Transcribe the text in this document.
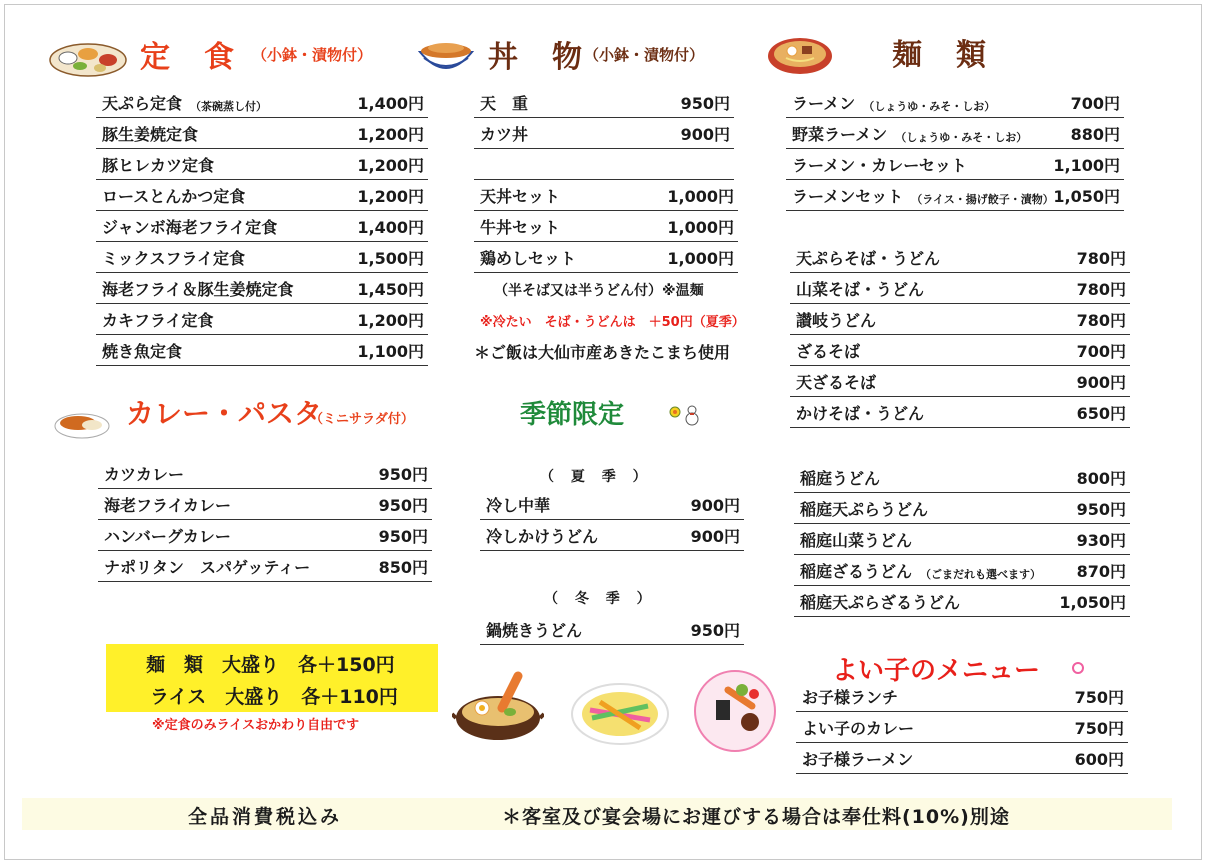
定　食 （小鉢・漬物付）	丼　物 （小鉢・漬物付）	麺　類
天ぷら定食 （茶碗蒸し付）	1,400円
豚生姜焼定食	1,200円
豚ヒレカツ定食	1,200円
ロースとんかつ定食	1,200円
ジャンボ海老フライ定食	1,400円
ミックスフライ定食	1,500円
海老フライ＆豚生姜焼定食	1,450円
カキフライ定食	1,200円
焼き魚定食	1,100円
天　重	950円
カツ丼	900円
天丼セット	1,000円
牛丼セット	1,000円
鶏めしセット	1,000円
（半そば又は半うどん付）※温麺
※冷たい　そば・うどんは　＋50円（夏季）
＊ご飯は大仙市産あきたこまち使用
ラーメン （しょうゆ・みそ・しお）	700円
野菜ラーメン （しょうゆ・みそ・しお）	880円
ラーメン・カレーセット	1,100円
ラーメンセット （ライス・揚げ餃子・漬物） 1,050円
天ぷらそば・うどん	780円
山菜そば・うどん	780円
讃岐うどん	780円
ざるそば	700円
天ざるそば	900円
かけそば・うどん	650円
稲庭うどん	800円
稲庭天ぷらうどん	950円
稲庭山菜うどん	930円
稲庭ざるうどん （ごまだれも選べます） 870円
稲庭天ぷらざるうどん	1,050円
カレー・パスタ
（ミニサラダ付）
カツカレー	950円
海老フライカレー	950円
ハンバーグカレー	950円
ナポリタン　スパゲッティー	850円
季節限定
（ 夏 季 ）
冷し中華	900円
冷しかけうどん	900円
（ 冬 季 ）
鍋焼きうどん	950円
麺　類　大盛り　各＋150円
ライス　大盛り　各＋110円
※定食のみライスおかわり自由です
よい子のメニュー
お子様ランチ	750円
よい子のカレー	750円
お子様ラーメン	600円
全品消費税込み	＊客室及び宴会場にお運びする場合は奉仕料(10%)別途
